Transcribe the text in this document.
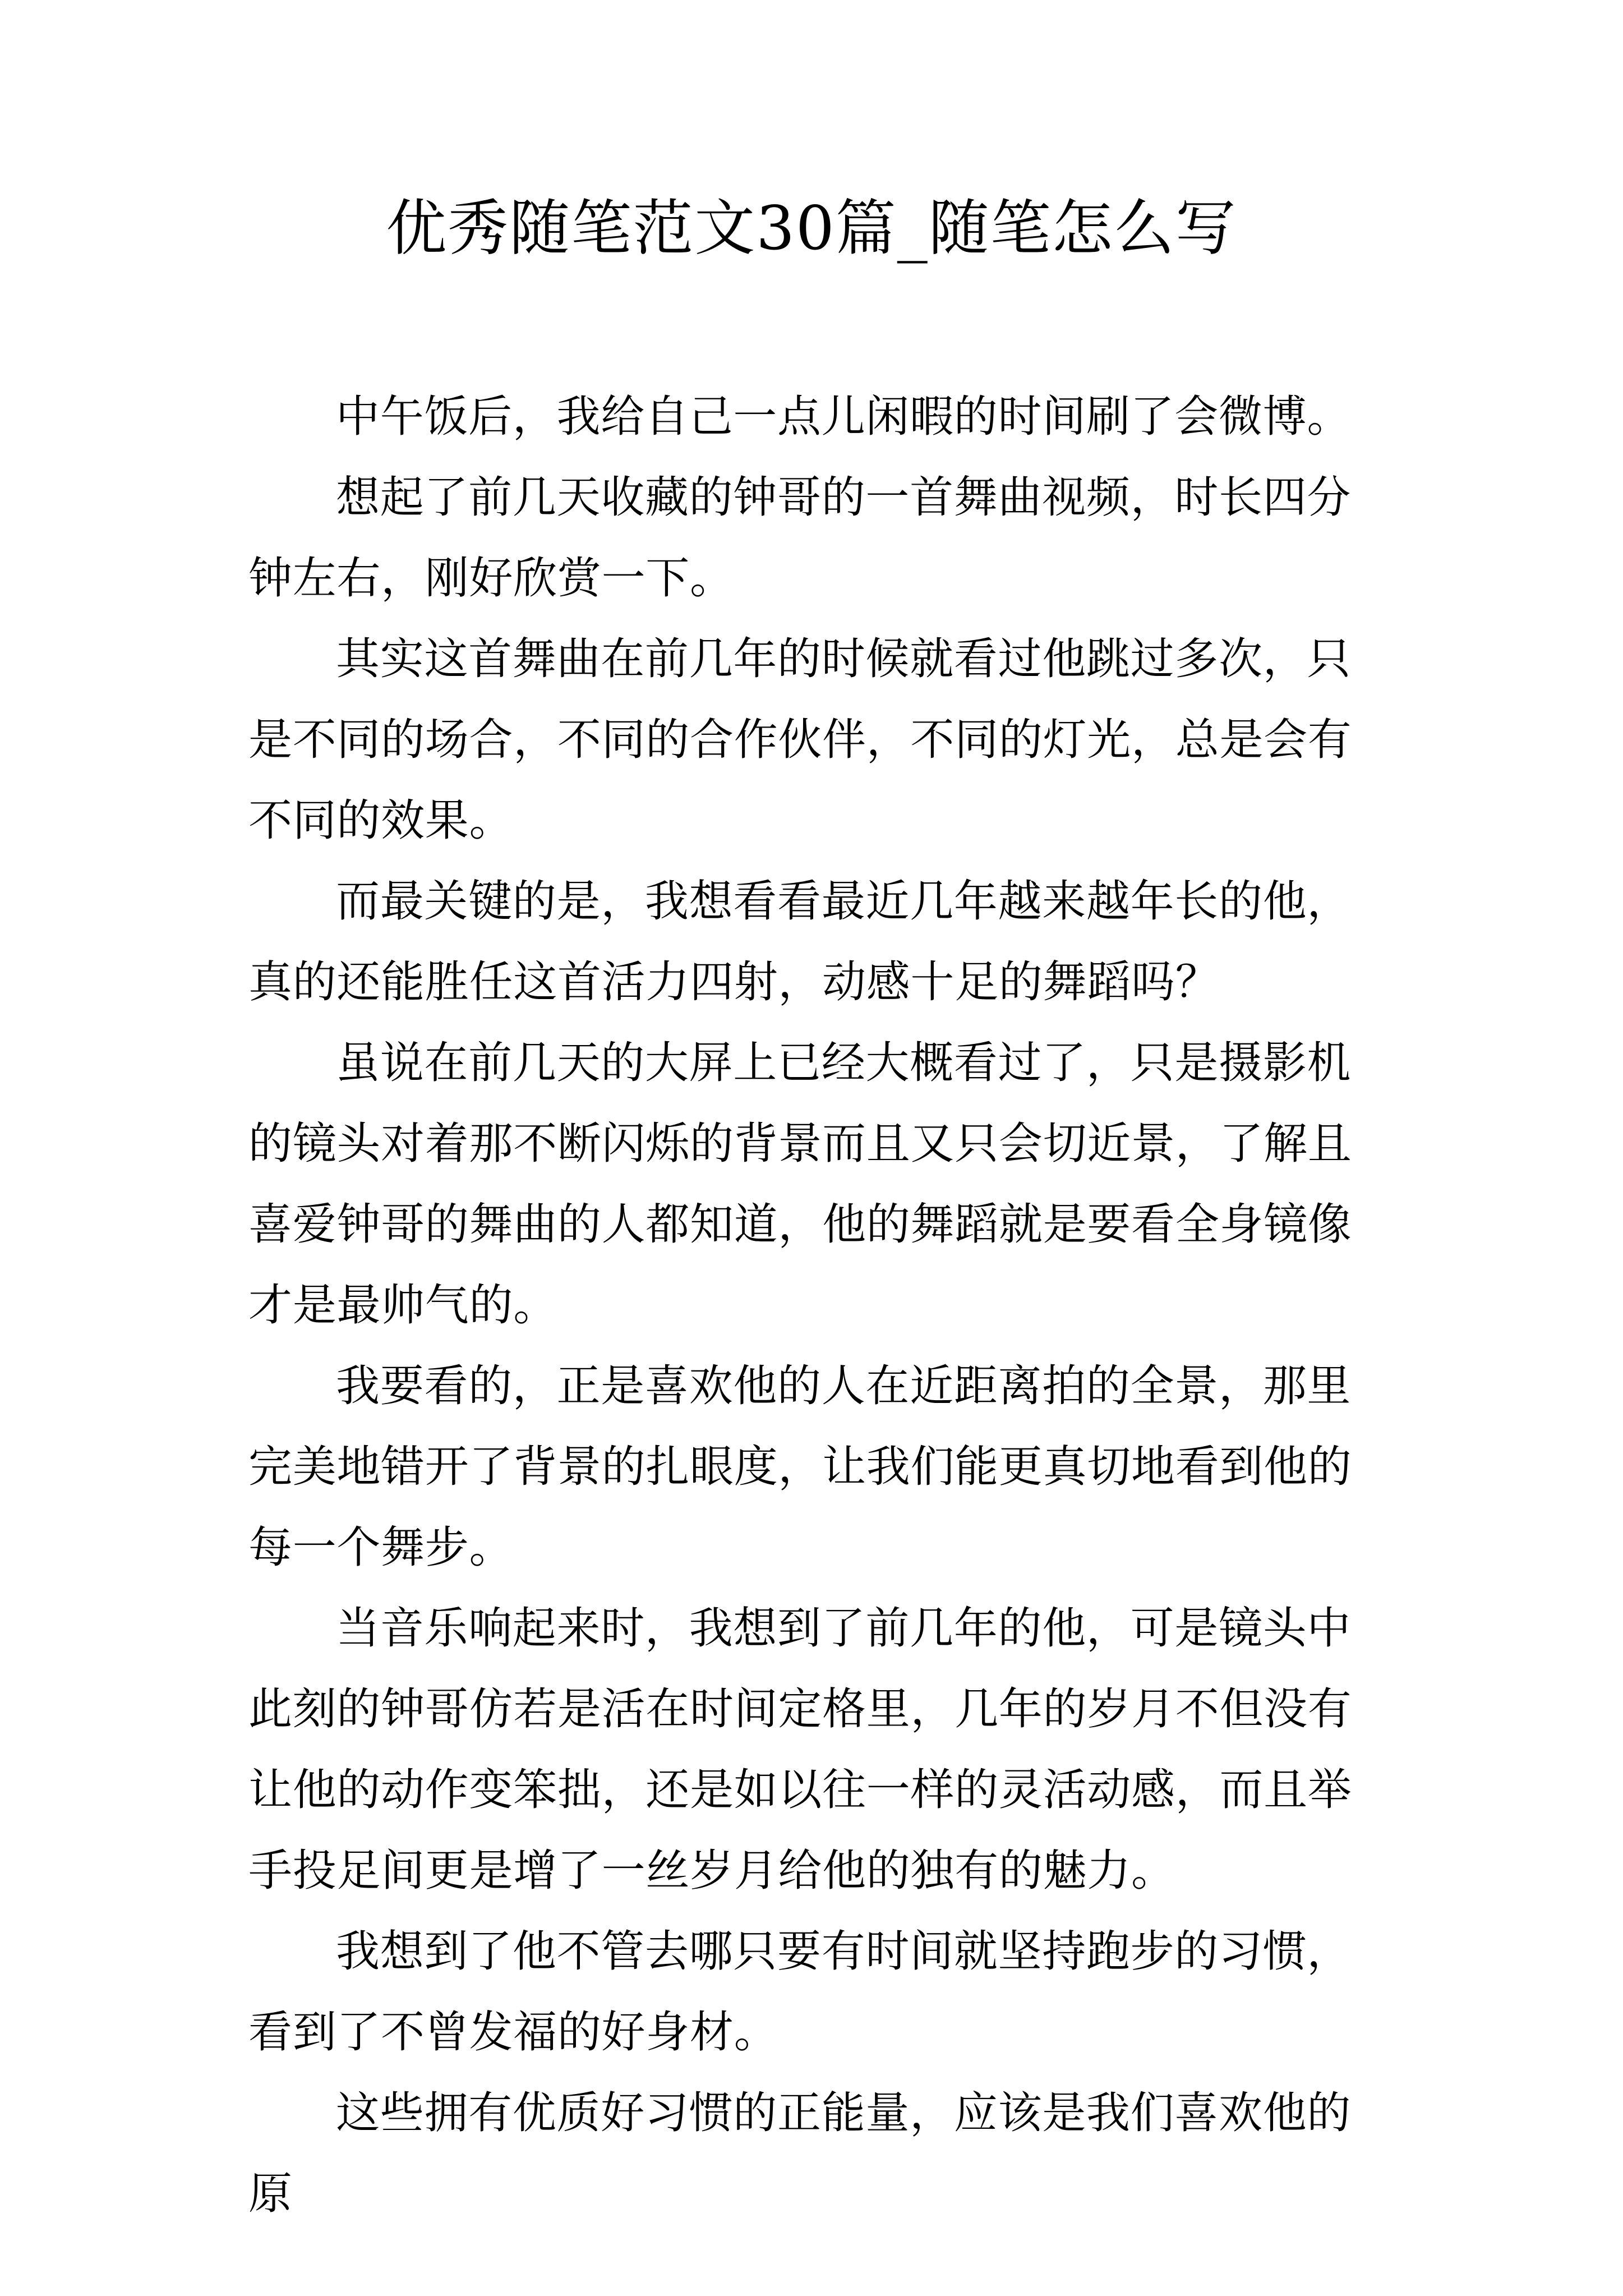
优秀随笔范文30篇_随笔怎么写

中午饭后，我给自己一点儿闲暇的时间刷了会微博。

想起了前几天收藏的钟哥的一首舞曲视频，时长四分钟左右，刚好欣赏一下。

其实这首舞曲在前几年的时候就看过他跳过多次，只是不同的场合，不同的合作伙伴，不同的灯光，总是会有不同的效果。

而最关键的是，我想看看最近几年越来越年长的他，真的还能胜任这首活力四射，动感十足的舞蹈吗？

虽说在前几天的大屏上已经大概看过了，只是摄影机的镜头对着那不断闪烁的背景而且又只会切近景，了解且喜爱钟哥的舞曲的人都知道，他的舞蹈就是要看全身镜像才是最帅气的。

我要看的，正是喜欢他的人在近距离拍的全景，那里完美地错开了背景的扎眼度，让我们能更真切地看到他的每一个舞步。

当音乐响起来时，我想到了前几年的他，可是镜头中此刻的钟哥仿若是活在时间定格里，几年的岁月不但没有让他的动作变笨拙，还是如以往一样的灵活动感，而且举手投足间更是增了一丝岁月给他的独有的魅力。

我想到了他不管去哪只要有时间就坚持跑步的习惯，看到了不曾发福的好身材。

这些拥有优质好习惯的正能量，应该是我们喜欢他的原
